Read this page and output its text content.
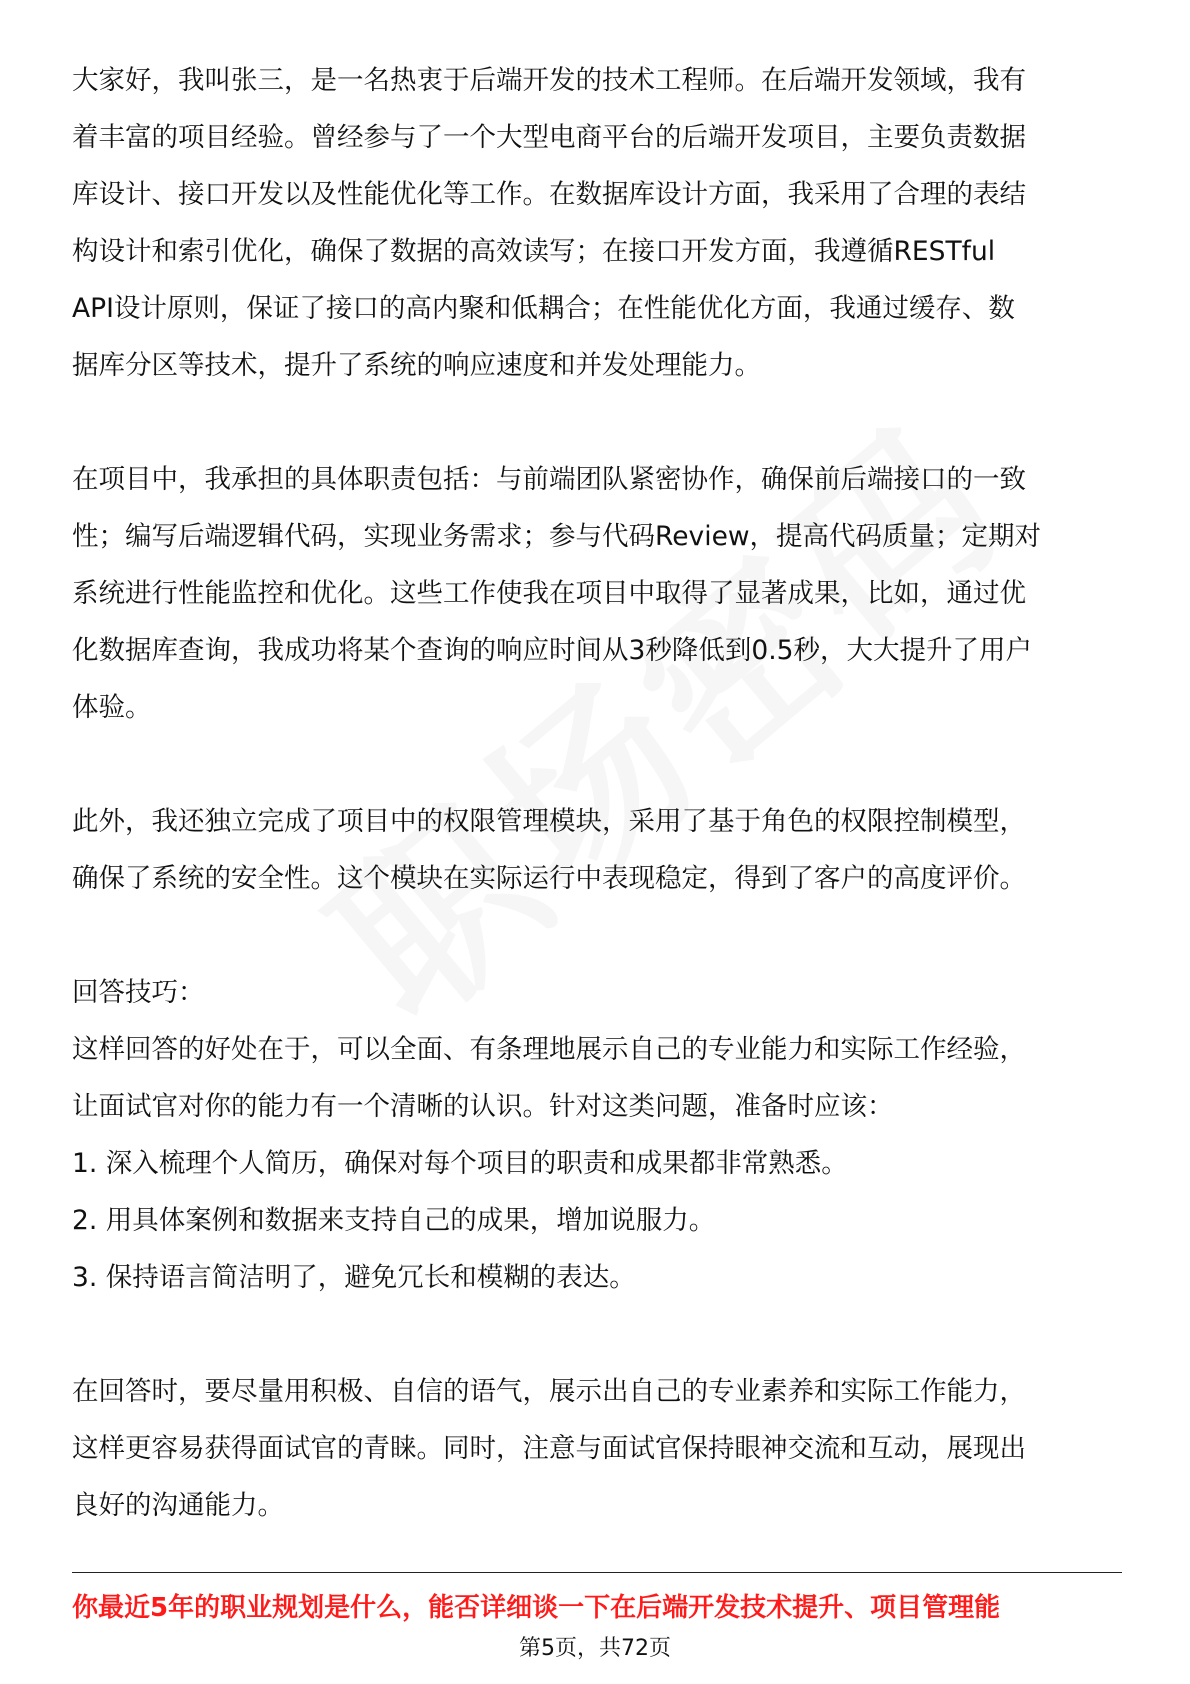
大家好，我叫张三，是一名热衷于后端开发的技术工程师。在后端开发领域，我有
着丰富的项目经验。曾经参与了一个大型电商平台的后端开发项目，主要负责数据
库设计、接口开发以及性能优化等工作。在数据库设计方面，我采用了合理的表结
构设计和索引优化，确保了数据的高效读写；在接口开发方面，我遵循RESTful
API设计原则，保证了接口的高内聚和低耦合；在性能优化方面，我通过缓存、数
据库分区等技术，提升了系统的响应速度和并发处理能力。
在项目中，我承担的具体职责包括：与前端团队紧密协作，确保前后端接口的一致
性；编写后端逻辑代码，实现业务需求；参与代码Review，提高代码质量；定期对
系统进行性能监控和优化。这些工作使我在项目中取得了显著成果，比如，通过优
化数据库查询，我成功将某个查询的响应时间从3秒降低到0.5秒，大大提升了用户
体验。
此外，我还独立完成了项目中的权限管理模块，采用了基于角色的权限控制模型，
确保了系统的安全性。这个模块在实际运行中表现稳定，得到了客户的高度评价。
回答技巧：
这样回答的好处在于，可以全面、有条理地展示自己的专业能力和实际工作经验，
让面试官对你的能力有一个清晰的认识。针对这类问题，准备时应该：
1. 深入梳理个人简历，确保对每个项目的职责和成果都非常熟悉。
2. 用具体案例和数据来支持自己的成果，增加说服力。
3. 保持语言简洁明了，避免冗长和模糊的表达。
在回答时，要尽量用积极、自信的语气，展示出自己的专业素养和实际工作能力，
这样更容易获得面试官的青睐。同时，注意与面试官保持眼神交流和互动，展现出
良好的沟通能力。
你最近5年的职业规划是什么，能否详细谈一下在后端开发技术提升、项目管理能
第5页，共72页
